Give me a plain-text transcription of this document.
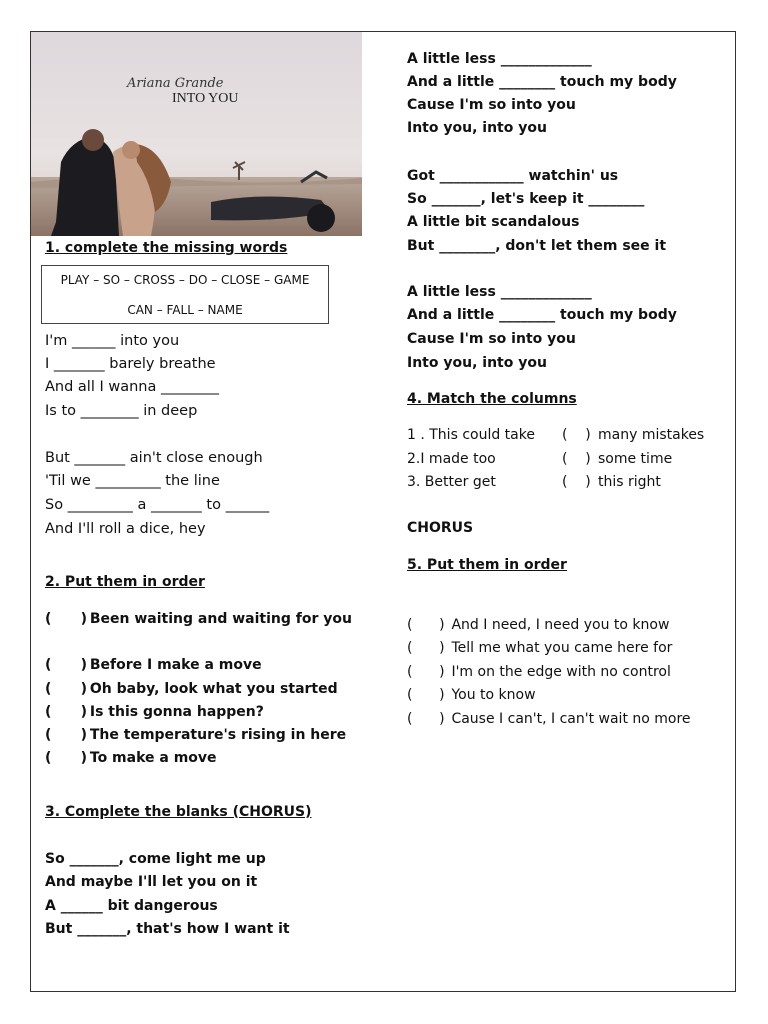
Ariana Grande
INTO YOU
1. complete the missing words
PLAY – SO – CROSS – DO – CLOSE – GAME
CAN – FALL – NAME
I'm ______ into you
I _______ barely breathe
And all I wanna ________
Is to ________ in deep
But _______ ain't close enough
'Til we _________ the line
So _________ a _______ to ______
And I'll roll a dice, hey
2. Put them in order
( ) Been waiting and waiting for you
( ) Before I make a move
( ) Oh baby, look what you started
( ) Is this gonna happen?
( ) The temperature's rising in here
( ) To make a move
3. Complete the blanks (CHORUS)
So _______, come light me up
And maybe I'll let you on it
A ______ bit dangerous
But _______, that's how I want it
A little less _____________
And a little ________ touch my body
Cause I'm so into you
Into you, into you
Got ____________ watchin' us
So _______, let's keep it ________
A little bit scandalous
But ________, don't let them see it
A little less _____________
And a little ________ touch my body
Cause I'm so into you
Into you, into you
4. Match the columns
1 . This could take (    ) many mistakes
2.I made too	(    ) some time
3. Better get	(    ) this right
CHORUS
5. Put them in order
( ) And I need, I need you to know
( ) Tell me what you came here for
( ) I'm on the edge with no control
( ) You to know
( ) Cause I can't, I can't wait no more
